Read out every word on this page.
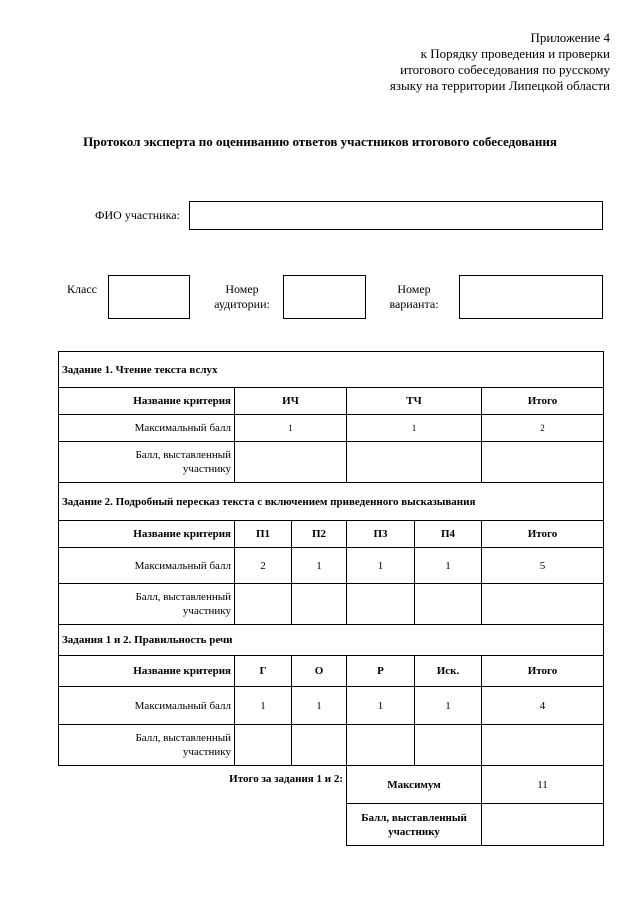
Приложение 4
к Порядку проведения и проверки
итогового собеседования по русскому
языку на территории Липецкой области
Протокол эксперта по оцениванию ответов участников итогового собеседования
ФИО участника:
Класс	Номер
аудитории:
Номер
варианта:
Задание 1. Чтение текста вслух					
Название критерия	ИЧ		ТЧ		Итого
Максимальный балл	1		1		2

Балл, выставленный
участнику					

Задание 2. Подробный пересказ текста с включением приведенного высказывания					
Название критерия	П1	П2	П3	П4	Итого
Максимальный балл	2	1	1	1	5

Балл, выставленный
участнику					

Задания 1 и 2. Правильность речи					
Название критерия	Г	О	Р	Иск.	Итого
Максимальный балл	1	1	1	1	4

Балл, выставленный
участнику					

Итого за задания 1 и 2:			Максимум		11

			Балл, выставленный
участнику		
